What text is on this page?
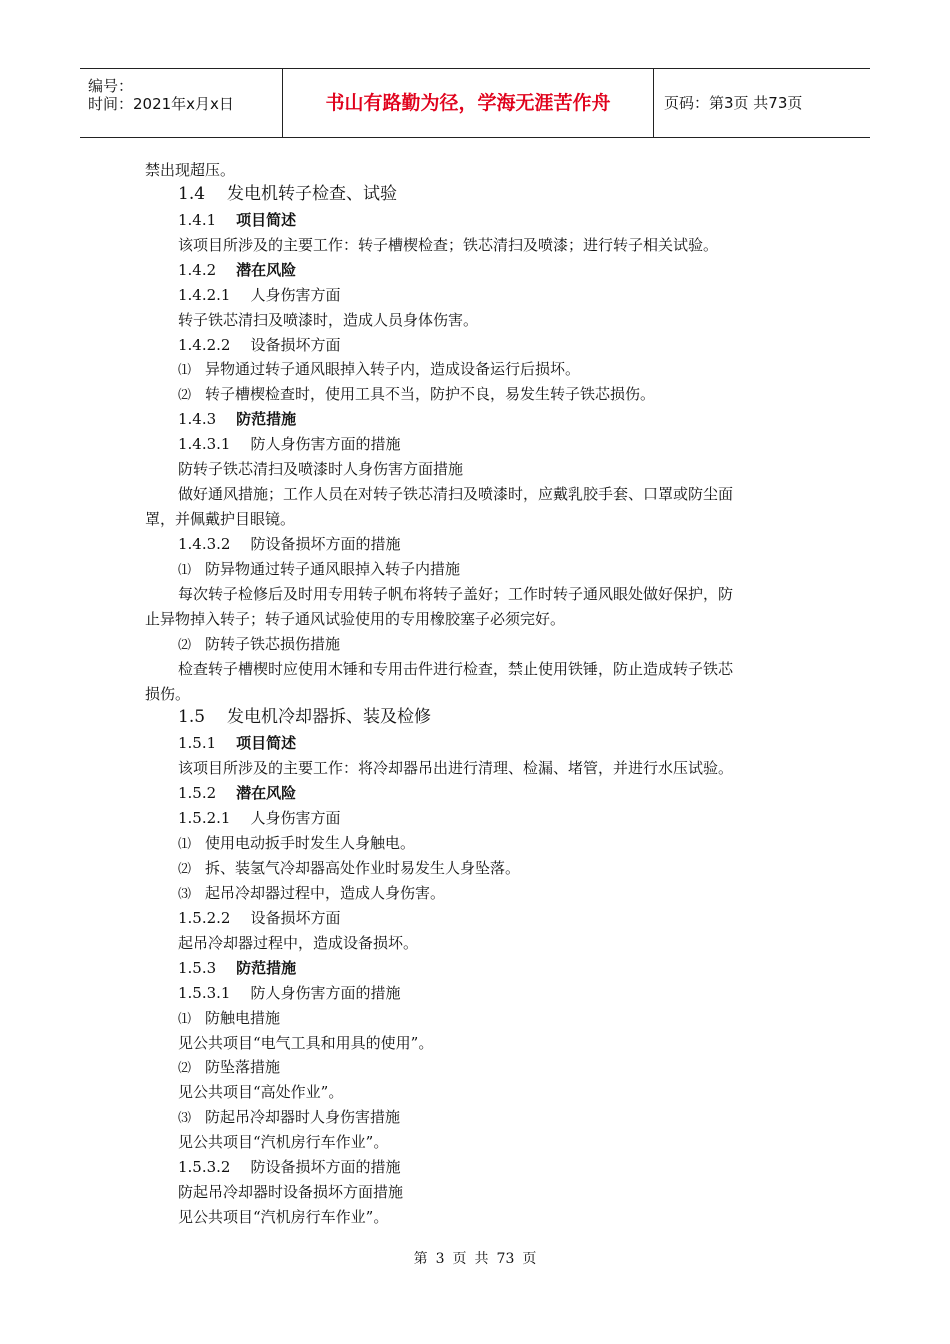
编号：
时间：2021年x月x日	书山有路勤为径，学海无涯苦作舟	页码：第3页 共73页
禁出现超压。
1.4 发电机转子检查、试验
1.4.1 项目简述
该项目所涉及的主要工作：转子槽楔检查；铁芯清扫及喷漆；进行转子相关试验。
1.4.2 潜在风险
1.4.2.1 人身伤害方面
转子铁芯清扫及喷漆时，造成人员身体伤害。
1.4.2.2 设备损坏方面
⑴ 异物通过转子通风眼掉入转子内，造成设备运行后损坏。
⑵ 转子槽楔检查时，使用工具不当，防护不良，易发生转子铁芯损伤。
1.4.3 防范措施
1.4.3.1 防人身伤害方面的措施
防转子铁芯清扫及喷漆时人身伤害方面措施
做好通风措施；工作人员在对转子铁芯清扫及喷漆时，应戴乳胶手套、口罩或防尘面
罩，并佩戴护目眼镜。
1.4.3.2 防设备损坏方面的措施
⑴ 防异物通过转子通风眼掉入转子内措施
每次转子检修后及时用专用转子帆布将转子盖好；工作时转子通风眼处做好保护，防
止异物掉入转子；转子通风试验使用的专用橡胶塞子必须完好。
⑵ 防转子铁芯损伤措施
检查转子槽楔时应使用木锤和专用击件进行检查，禁止使用铁锤，防止造成转子铁芯
损伤。
1.5 发电机冷却器拆、装及检修
1.5.1 项目简述
该项目所涉及的主要工作：将冷却器吊出进行清理、检漏、堵管，并进行水压试验。
1.5.2 潜在风险
1.5.2.1 人身伤害方面
⑴ 使用电动扳手时发生人身触电。
⑵ 拆、装氢气冷却器高处作业时易发生人身坠落。
⑶ 起吊冷却器过程中，造成人身伤害。
1.5.2.2 设备损坏方面
起吊冷却器过程中，造成设备损坏。
1.5.3 防范措施
1.5.3.1 防人身伤害方面的措施
⑴ 防触电措施
见公共项目“电气工具和用具的使用”。
⑵ 防坠落措施
见公共项目“高处作业”。
⑶ 防起吊冷却器时人身伤害措施
见公共项目“汽机房行车作业”。
1.5.3.2 防设备损坏方面的措施
防起吊冷却器时设备损坏方面措施
见公共项目“汽机房行车作业”。
第 3 页 共 73 页
